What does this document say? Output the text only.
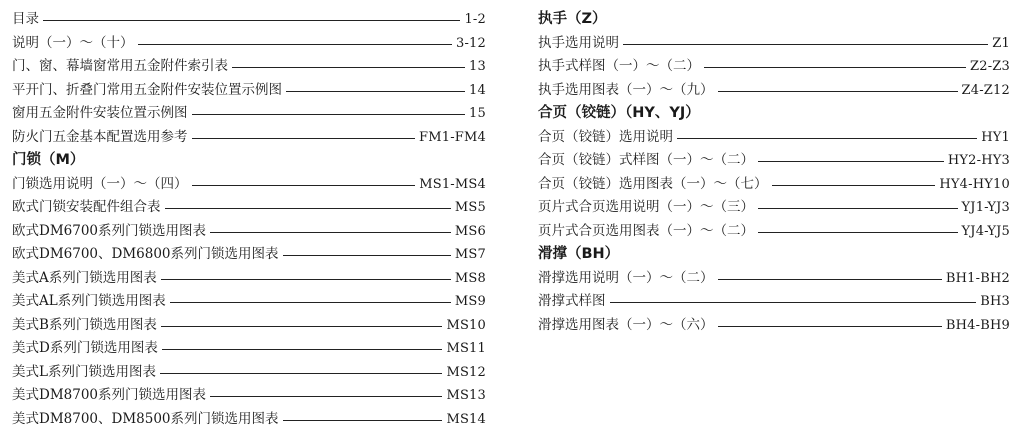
目录	1-2
说明（一）～（十）	3-12
门、窗、幕墙窗常用五金附件索引表	13
平开门、折叠门常用五金附件安装位置示例图	14
窗用五金附件安装位置示例图	15
防火门五金基本配置选用参考	FM1-FM4
门锁（M）
门锁选用说明（一）～（四）	MS1-MS4
欧式门锁安装配件组合表	MS5
欧式DM6700系列门锁选用图表	MS6
欧式DM6700、DM6800系列门锁选用图表	MS7
美式A系列门锁选用图表	MS8
美式AL系列门锁选用图表	MS9
美式B系列门锁选用图表	MS10
美式D系列门锁选用图表	MS11
美式L系列门锁选用图表	MS12
美式DM8700系列门锁选用图表	MS13
美式DM8700、DM8500系列门锁选用图表	MS14
执手（Z）
执手选用说明	Z1
执手式样图（一）～（二）	Z2-Z3
执手选用图表（一）～（九）	Z4-Z12
合页（铰链）（HY、YJ）
合页（铰链）选用说明	HY1
合页（铰链）式样图（一）～（二）	HY2-HY3
合页（铰链）选用图表（一）～（七）	HY4-HY10
页片式合页选用说明（一）～（三）	YJ1-YJ3
页片式合页选用图表（一）～（二）	YJ4-YJ5
滑撑（BH）
滑撑选用说明（一）～（二）	BH1-BH2
滑撑式样图	BH3
滑撑选用图表（一）～（六）	BH4-BH9
